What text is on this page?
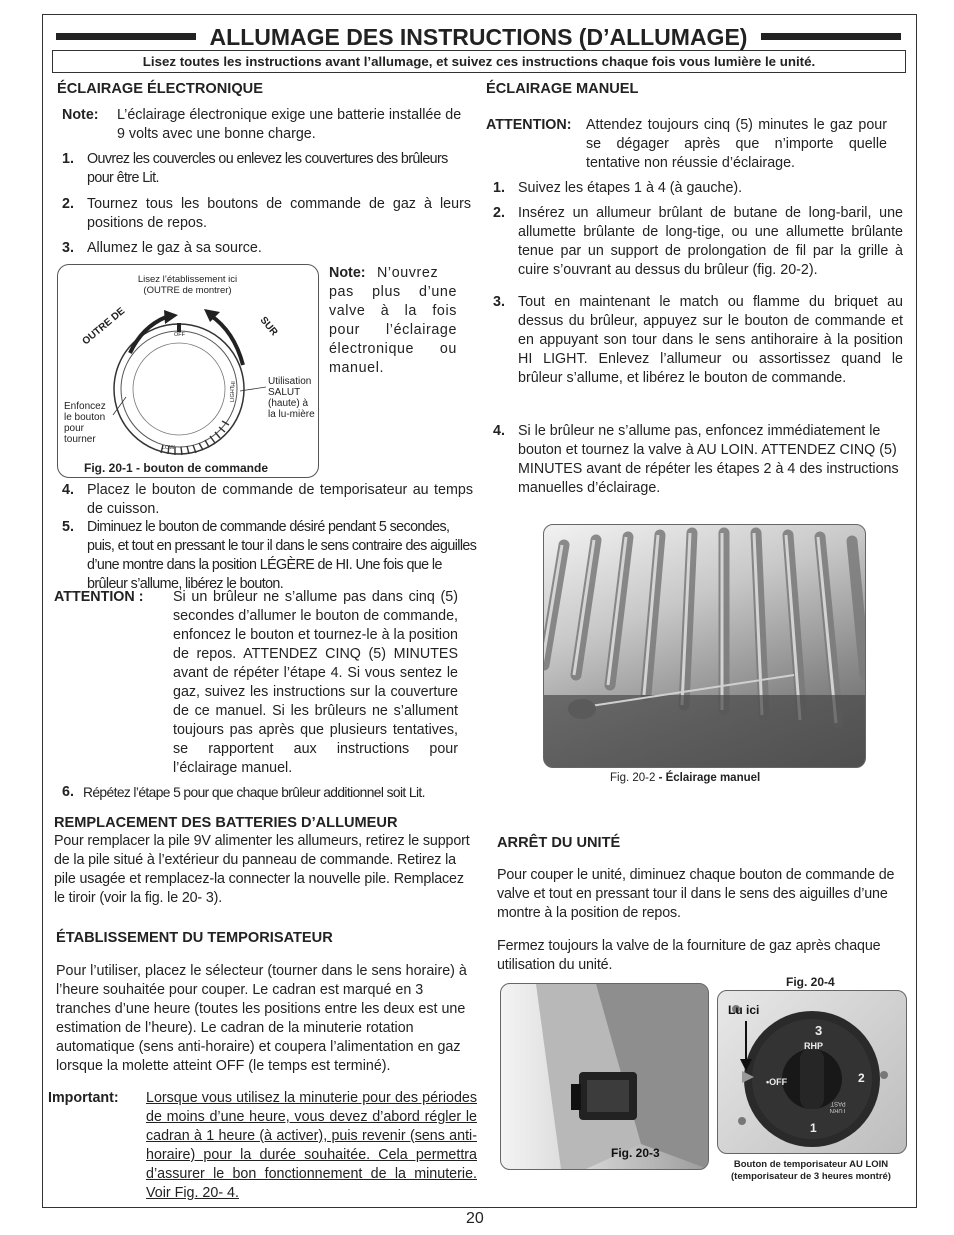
ALLUMAGE DES INSTRUCTIONS (D’ALLUMAGE)
Lisez toutes les instructions avant l’allumage, et suivez ces instructions chaque fois vous lumière le unité.
ÉCLAIRAGE ÉLECTRONIQUE
Note: L’éclairage électronique exige une batterie installée de 9 volts avec une bonne charge.
1. Ouvrez les couvercles ou enlevez les couvertures des brûleurs pour être Lit.
2. Tournez tous les boutons de commande de gaz à leurs positions de repos.
3. Allumez le gaz à sa source.
Lisez l’établissement ici (OUTRE de montrer)
OUTRE DE	SUR
OFF
HI
LIGHT
LOW
Enfoncez le bouton pour tourner
Utilisation SALUT (haute) à la lu-mière
Fig. 20-1 - bouton de commande
Note: N’ouvrez pas plus d’une valve à la fois pour l’éclairage électronique ou manuel.
4. Placez le bouton de commande de temporisateur au temps de cuisson.
5. Diminuez le bouton de commande désiré pendant 5 secondes, puis, et tout en pressant le tour il dans le sens contraire des aiguilles d’une montre dans la position LÉGÈRE de HI. Une fois que le brûleur s’allume, libérez le bouton.
ATTENTION : Si un brûleur ne s’allume pas dans cinq (5) secondes d’allumer le bouton de commande, enfoncez le bouton et tournez-le à la position de repos. ATTENDEZ CINQ (5) MINUTES avant de répéter l’étape 4. Si vous sentez le gaz, suivez les instructions sur la couverture de ce manuel. Si les brûleurs ne s’allument toujours pas après que plusieurs tentatives, se rapportent aux instructions pour l’éclairage manuel.
6. Répétez l’étape 5 pour que chaque brûleur additionnel soit Lit.
REMPLACEMENT DES BATTERIES D’ALLUMEUR
Pour remplacer la pile 9V alimenter les allumeurs, retirez le support de la pile situé à l’extérieur du panneau de commande. Retirez la pile usagée et remplacez-la connecter la nouvelle pile. Remplacez le tiroir (voir la fig. le 20- 3).
ÉTABLISSEMENT DU TEMPORISATEUR
Pour l’utiliser, placez le sélecteur (tourner dans le sens horaire) à l’heure souhaitée pour couper. Le cadran est marqué en 3 tranches d’une heure (toutes les positions entre les deux est une estimation de l’heure). Le cadran de la minuterie rotation automatique (sens anti-horaire) et coupera l’alimentation en gaz lorsque la molette atteint OFF (le temps est terminé).
Important: Lorsque vous utilisez la minuterie pour des périodes de moins d’une heure, vous devez d’abord régler le cadran à 1 heure (à activer), puis revenir (sens anti-horaire) pour la durée souhaitée. Cela permettra d’assurer le bon fonctionnement de la minuterie. Voir Fig. 20- 4.
ÉCLAIRAGE MANUEL
ATTENTION: Attendez toujours cinq (5) minutes le gaz pour se dégager après que n’importe quelle tentative non réussie d’éclairage.
1. Suivez les étapes 1 à 4 (à gauche).
2. Insérez un allumeur brûlant de butane de long-baril, une allumette brûlante de long-tige, ou une allumette brûlante tenue par un support de prolongation de fil par la grille à cuire s’ouvrant au dessus du brûleur (fig. 20-2).
3. Tout en maintenant le match ou flamme du briquet au dessus du brûleur, appuyez sur le bouton de commande et en appuyant son tour dans le sens antihoraire à la position HI LIGHT. Enlevez l’allumeur ou assortissez quand le brûleur s’allume, et libérez le bouton de commande.
4. Si le brûleur ne s’allume pas, enfoncez immédiatement le bouton et tournez la valve à AU LOIN. ATTENDEZ CINQ (5) MINUTES avant de répéter les étapes 2 à 4 des instructions manuelles d’éclairage.
Fig. 20-2 - Éclairage manuel
ARRÊT DU UNITÉ
Pour couper le unité, diminuez chaque bouton de commande de valve et tout en pressant tour il dans le sens des aiguilles d’une montre à la position de repos.
Fermez toujours la valve de la fourniture de gaz après chaque utilisation du unité.
Fig. 20-4
Fig. 20-3
Lu ici
3
RHP
•OFF	2
1
TURN PAST
Bouton de temporisateur AU LOIN (temporisateur de 3 heures montré)
20
